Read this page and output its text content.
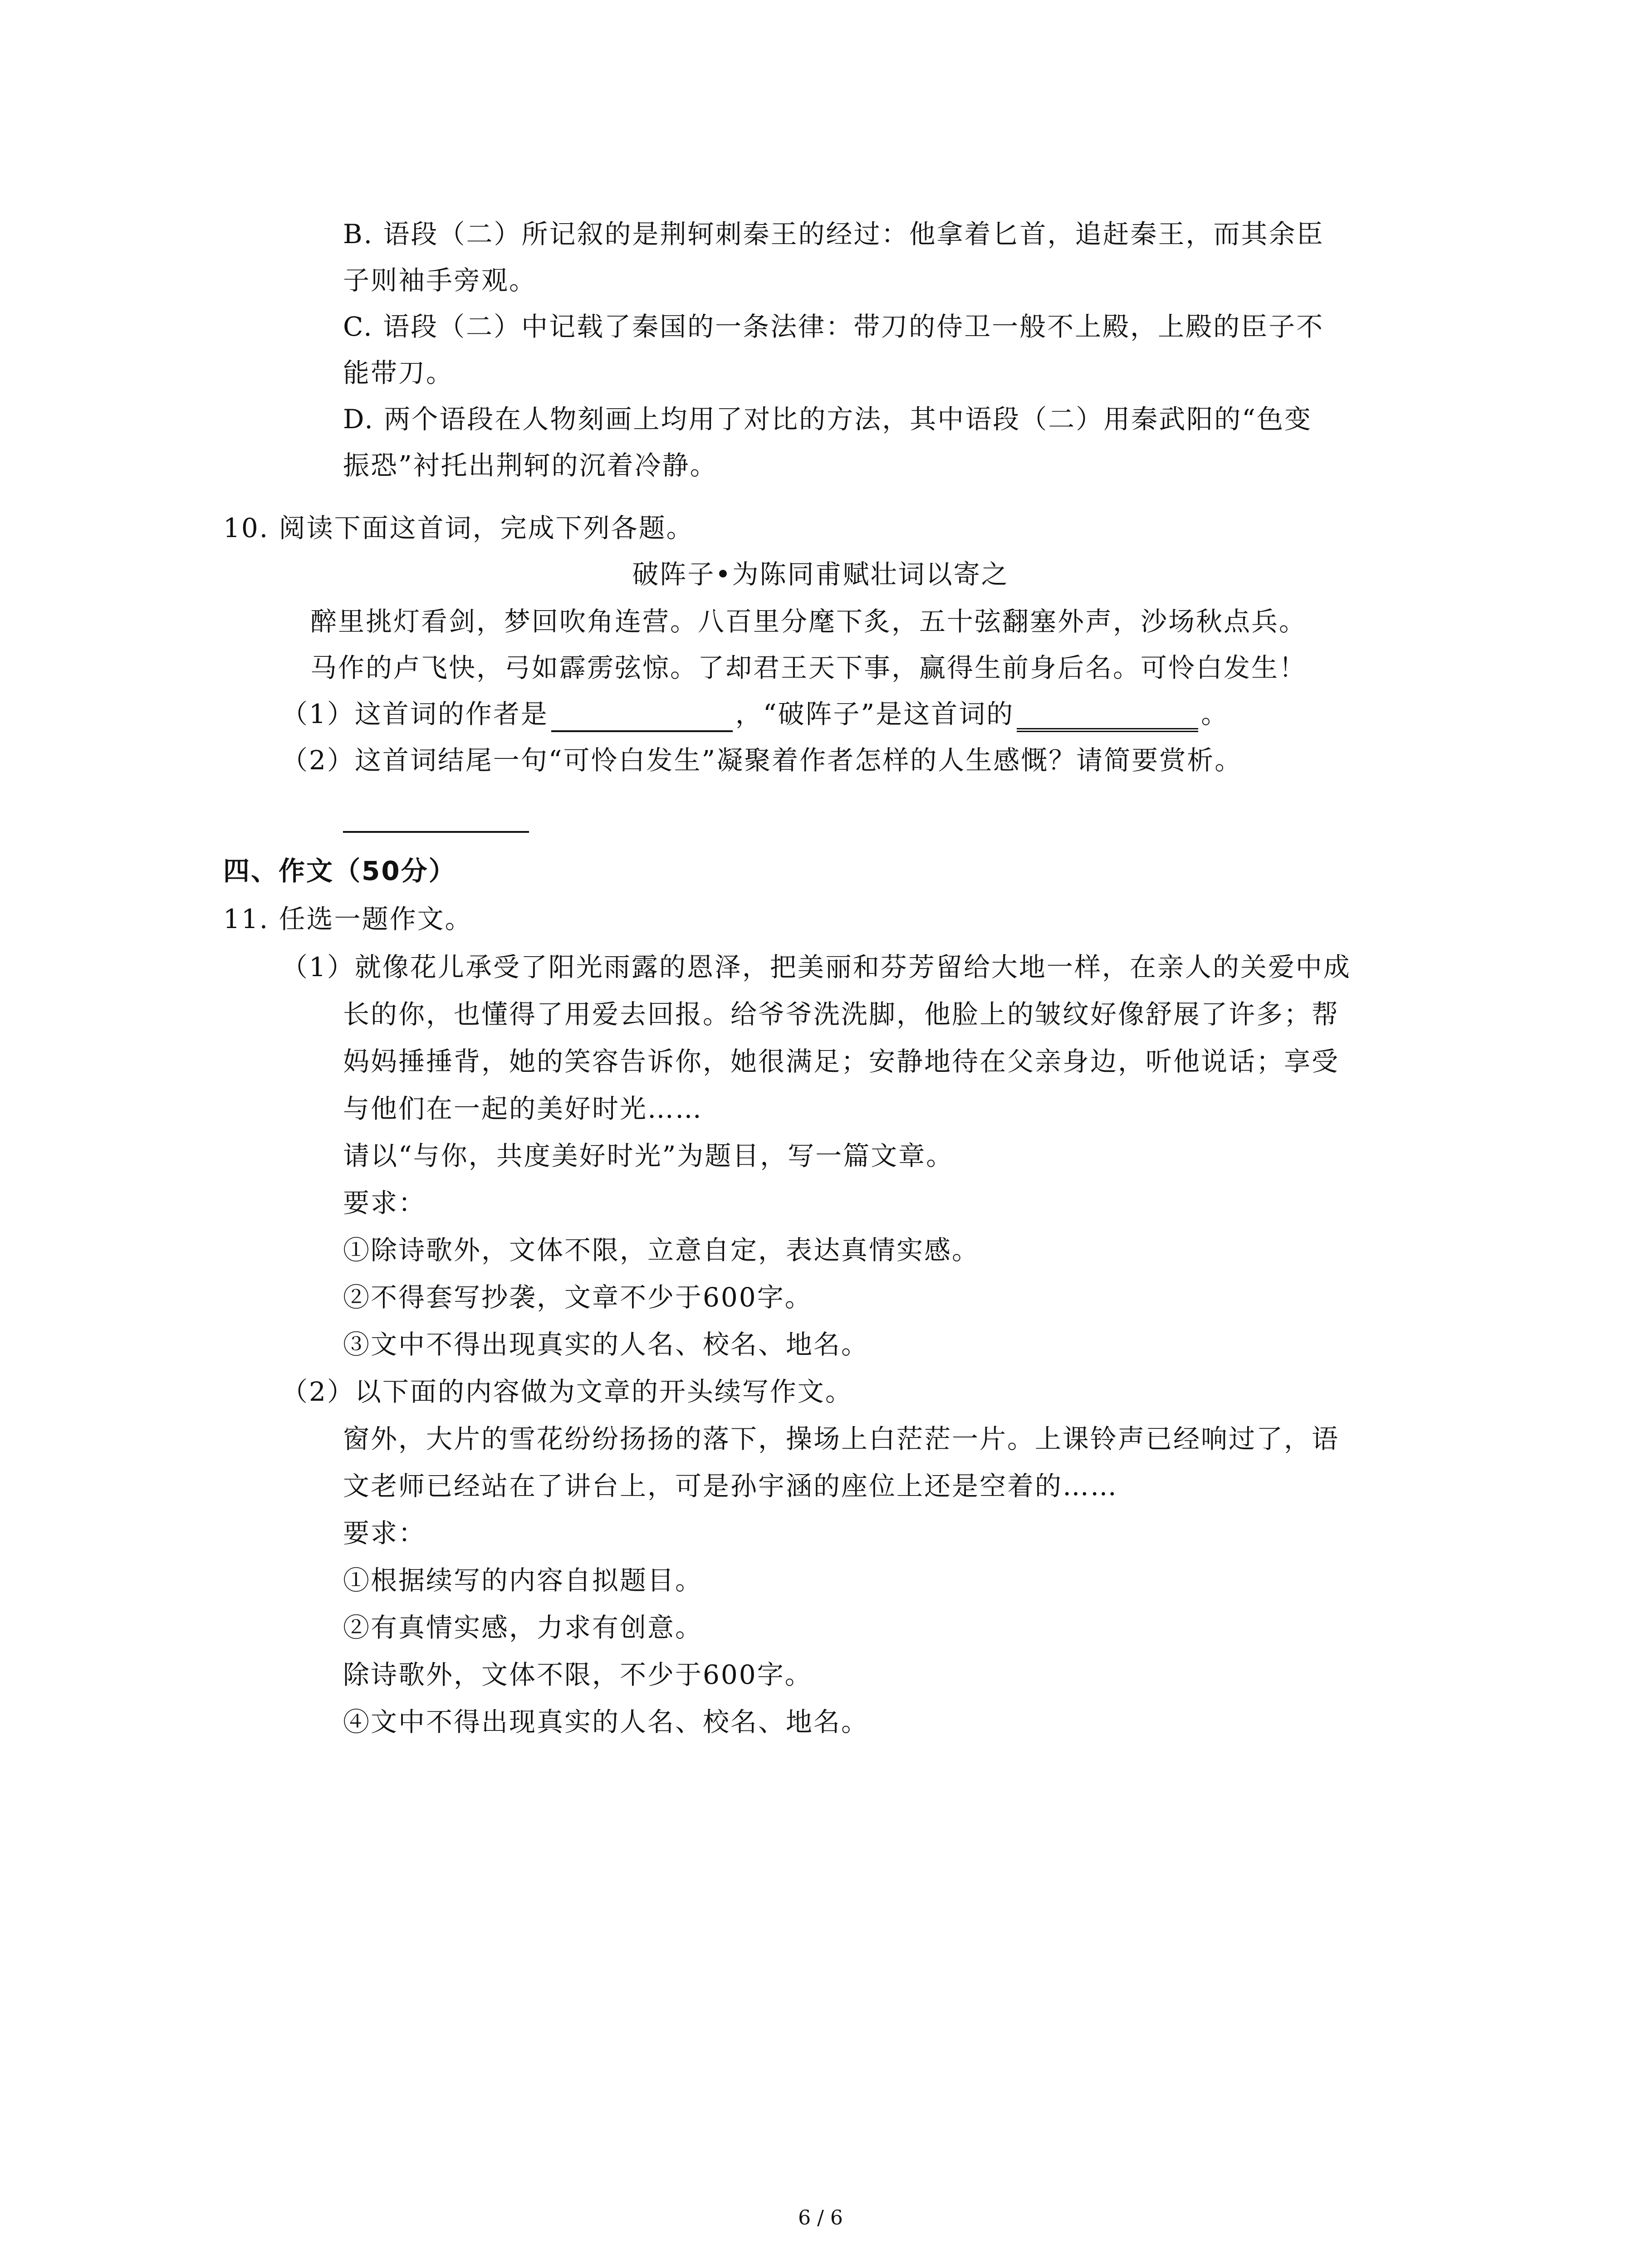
B. 语段（二）所记叙的是荆轲刺秦王的经过：他拿着匕首，追赶秦王，而其余臣
子则袖手旁观。
C. 语段（二）中记载了秦国的一条法律：带刀的侍卫一般不上殿，上殿的臣子不
能带刀。
D. 两个语段在人物刻画上均用了对比的方法，其中语段（二）用秦武阳的“色变
振恐”衬托出荆轲的沉着冷静。
10. 阅读下面这首词，完成下列各题。
破阵子•为陈同甫赋壮词以寄之
醉里挑灯看剑，梦回吹角连营。八百里分麾下炙，五十弦翻塞外声，沙场秋点兵。
马作的卢飞快，弓如霹雳弦惊。了却君王天下事，赢得生前身后名。可怜白发生！
（1）这首词的作者是	，“破阵子”是这首词的	。
（2）这首词结尾一句“可怜白发生”凝聚着作者怎样的人生感慨？请简要赏析。
四、作文（50分）
11. 任选一题作文。
（1）就像花儿承受了阳光雨露的恩泽，把美丽和芬芳留给大地一样，在亲人的关爱中成
长的你，也懂得了用爱去回报。给爷爷洗洗脚，他脸上的皱纹好像舒展了许多；帮
妈妈捶捶背，她的笑容告诉你，她很满足；安静地待在父亲身边，听他说话；享受
与他们在一起的美好时光……
请以“与你，共度美好时光”为题目，写一篇文章。
要求：
①除诗歌外，文体不限，立意自定，表达真情实感。
②不得套写抄袭，文章不少于600字。
③文中不得出现真实的人名、校名、地名。
（2）以下面的内容做为文章的开头续写作文。
窗外，大片的雪花纷纷扬扬的落下，操场上白茫茫一片。上课铃声已经响过了，语
文老师已经站在了讲台上，可是孙宇涵的座位上还是空着的……
要求：
①根据续写的内容自拟题目。
②有真情实感，力求有创意。
除诗歌外，文体不限，不少于600字。
④文中不得出现真实的人名、校名、地名。
6 / 6
